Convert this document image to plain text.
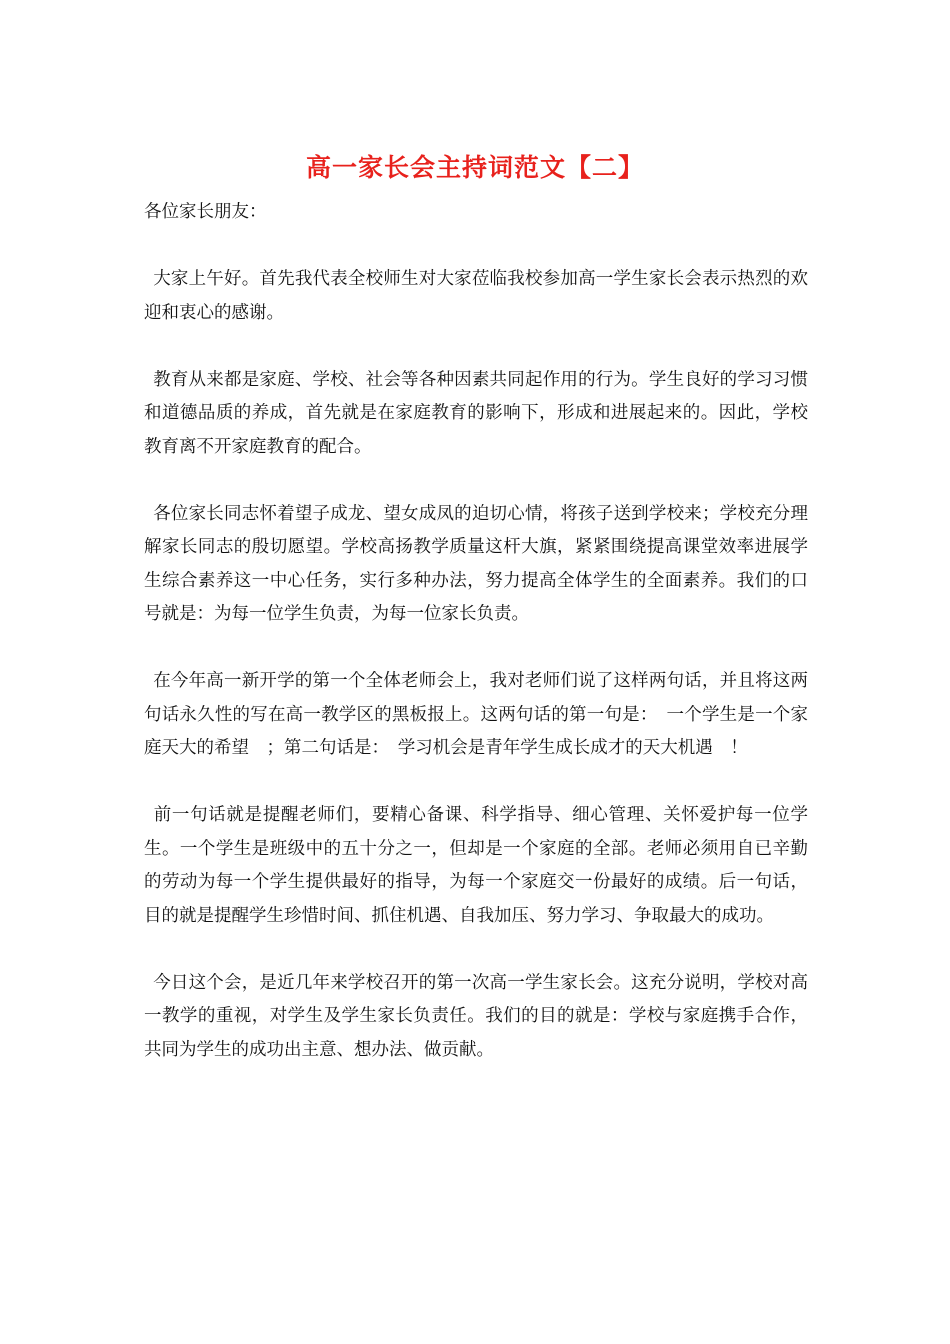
高一家长会主持词范文【二】

各位家长朋友：

大家上午好。首先我代表全校师生对大家莅临我校参加高一学生家长会表示热烈的欢迎和衷心的感谢。

教育从来都是家庭、学校、社会等各种因素共同起作用的行为。学生良好的学习习惯和道德品质的养成，首先就是在家庭教育的影响下，形成和进展起来的。因此，学校教育离不开家庭教育的配合。

各位家长同志怀着望子成龙、望女成凤的迫切心情，将孩子送到学校来；学校充分理解家长同志的殷切愿望。学校高扬教学质量这杆大旗，紧紧围绕提高课堂效率进展学生综合素养这一中心任务，实行多种办法，努力提高全体学生的全面素养。我们的口号就是：为每一位学生负责，为每一位家长负责。

在今年高一新开学的第一个全体老师会上，我对老师们说了这样两句话，并且将这两句话永久性的写在高一教学区的黑板报上。这两句话的第一句是：　一个学生是一个家庭天大的希望　；第二句话是：　学习机会是青年学生成长成才的天大机遇　！

前一句话就是提醒老师们，要精心备课、科学指导、细心管理、关怀爱护每一位学生。一个学生是班级中的五十分之一，但却是一个家庭的全部。老师必须用自已辛勤的劳动为每一个学生提供最好的指导，为每一个家庭交一份最好的成绩。后一句话，目的就是提醒学生珍惜时间、抓住机遇、自我加压、努力学习、争取最大的成功。

今日这个会，是近几年来学校召开的第一次高一学生家长会。这充分说明，学校对高一教学的重视，对学生及学生家长负责任。我们的目的就是：学校与家庭携手合作，共同为学生的成功出主意、想办法、做贡献。
